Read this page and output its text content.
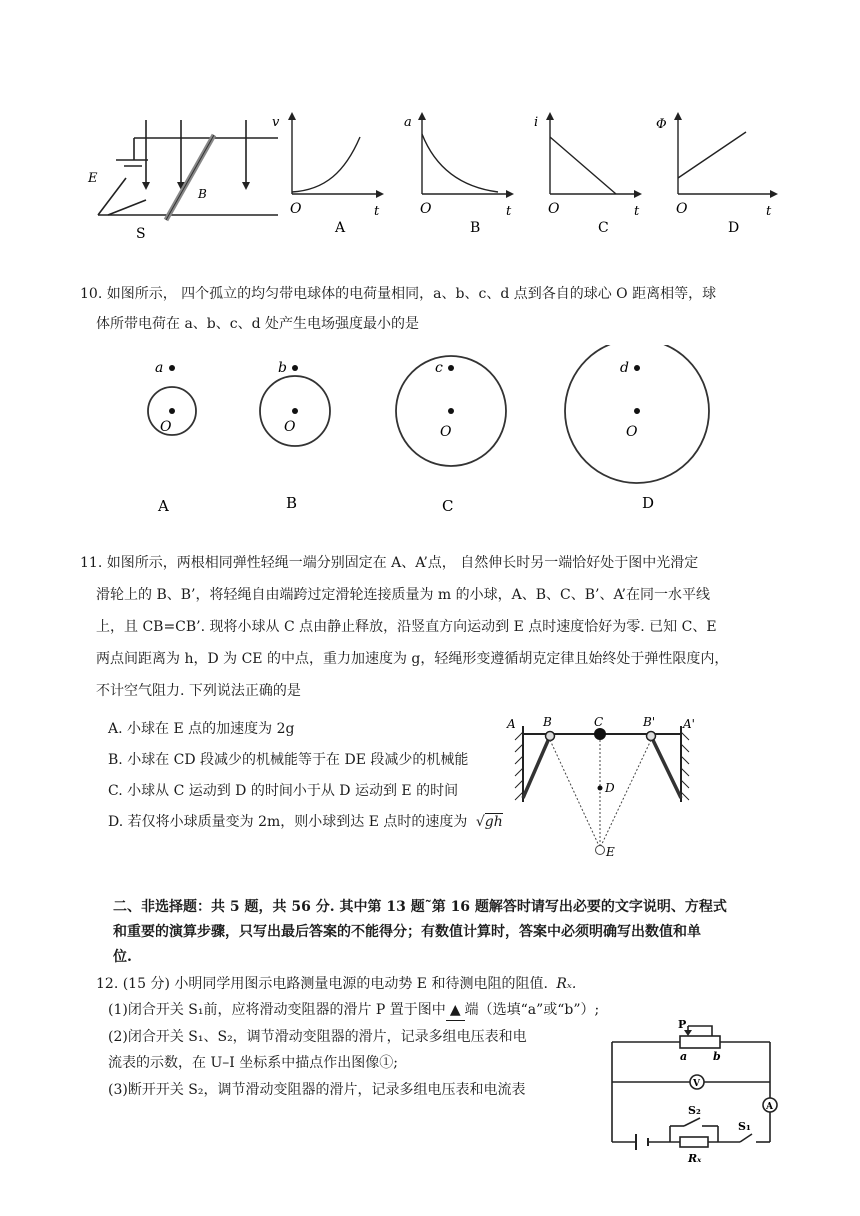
E
B
S
v
t
O
A
a
t
O
B
i
t
O
C
Φ
t
O
D
10. 如图所示， 四个孤立的均匀带电球体的电荷量相同，a、b、c、d 点到各自的球心 O 距离相等，球
体所带电荷在 a、b、c、d 处产生电场强度最小的是
a
O
b
O
c
O
d
O
A	B	C	D
11. 如图所示，两根相同弹性轻绳一端分别固定在 A、A’点， 自然伸长时另一端恰好处于图中光滑定
滑轮上的 B、B’，将轻绳自由端跨过定滑轮连接质量为 m 的小球，A、B、C、B’、A’在同一水平线
上，且 CB=CB’. 现将小球从 C 点由静止释放，沿竖直方向运动到 E 点时速度恰好为零. 已知 C、E
两点间距离为 h，D 为 CE 的中点，重力加速度为 g，轻绳形变遵循胡克定律且始终处于弹性限度内，
不计空气阻力. 下列说法正确的是
A. 小球在 E 点的加速度为 2g
B. 小球在 CD 段减少的机械能等于在 DE 段减少的机械能
C. 小球从 C 运动到 D 的时间小于从 D 运动到 E 的时间
D. 若仅将小球质量变为 2m，则小球到达 E 点时的速度为 √gh
A B	C	B' A'
D
E
二、非选择题：共 5 题，共 56 分. 其中第 13 题˜第 16 题解答时请写出必要的文字说明、方程式
和重要的演算步骤，只写出最后答案的不能得分；有数值计算时，答案中必须明确写出数值和单
位.
12. (15 分) 小明同学用图示电路测量电源的电动势 E 和待测电阻的阻值. Rₓ.
(1)闭合开关 S₁前，应将滑动变阻器的滑片 P 置于图中 ▲ 端（选填“a”或“b”）;
(2)闭合开关 S₁、S₂，调节滑动变阻器的滑片，记录多组电压表和电
流表的示数，在 U–I 坐标系中描点作出图像①;
(3)断开开关 S₂，调节滑动变阻器的滑片，记录多组电压表和电流表
P
a b
V
A
S₂
S₁
Rₓ
